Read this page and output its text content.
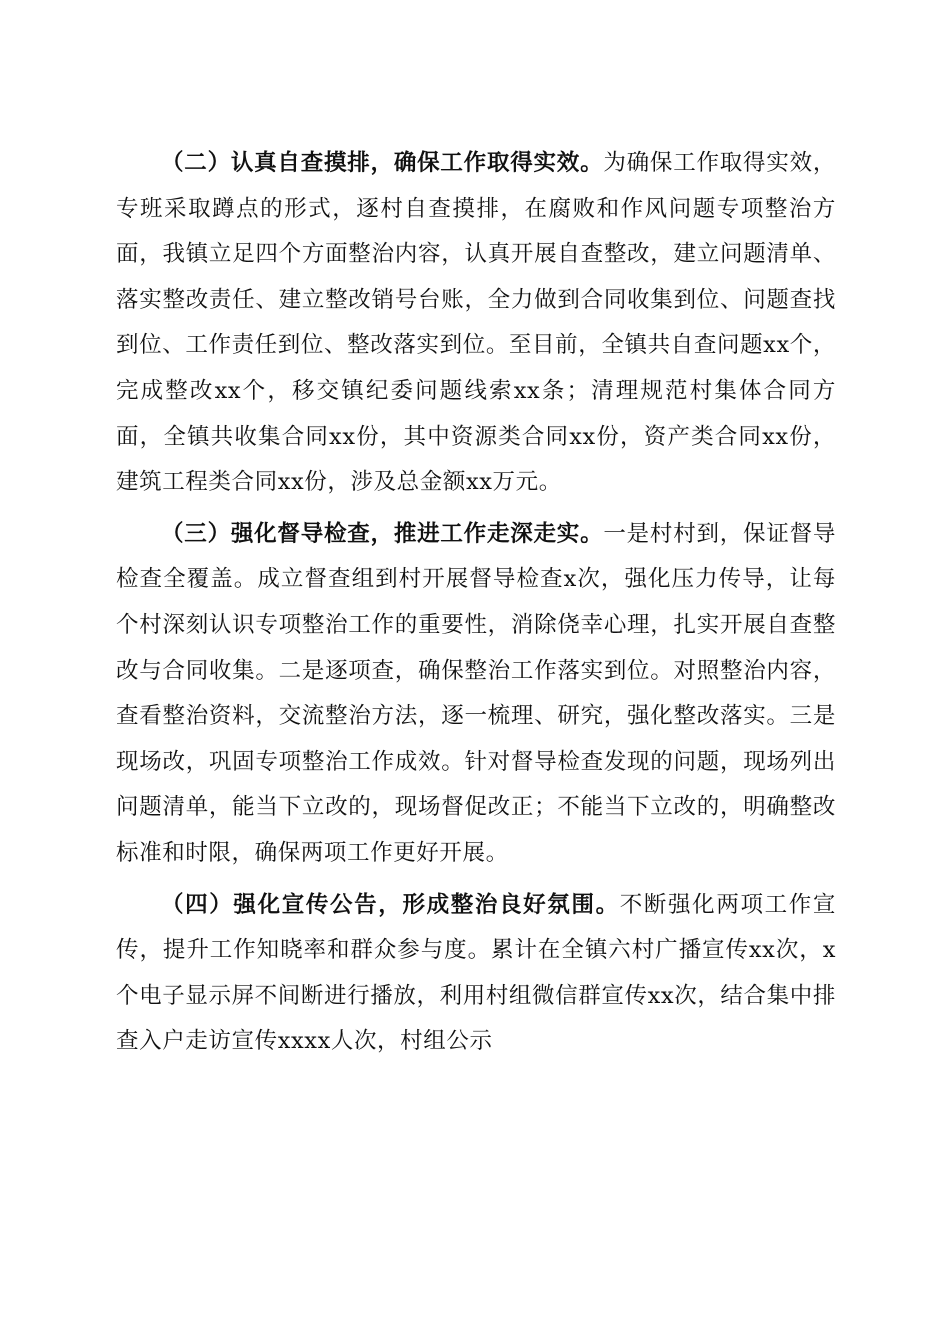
（二）认真自查摸排，确保工作取得实效。为确保工作取得实效，专班采取蹲点的形式，逐村自查摸排，在腐败和作风问题专项整治方面，我镇立足四个方面整治内容，认真开展自查整改，建立问题清单、落实整改责任、建立整改销号台账，全力做到合同收集到位、问题查找到位、工作责任到位、整改落实到位。至目前，全镇共自查问题xx个，完成整改xx个，移交镇纪委问题线索xx条；清理规范村集体合同方面，全镇共收集合同xx份，其中资源类合同xx份，资产类合同xx份，建筑工程类合同xx份，涉及总金额xx万元。

（三）强化督导检查，推进工作走深走实。一是村村到，保证督导检查全覆盖。成立督查组到村开展督导检查x次，强化压力传导，让每个村深刻认识专项整治工作的重要性，消除侥幸心理，扎实开展自查整改与合同收集。二是逐项查，确保整治工作落实到位。对照整治内容，查看整治资料，交流整治方法，逐一梳理、研究，强化整改落实。三是现场改，巩固专项整治工作成效。针对督导检查发现的问题，现场列出问题清单，能当下立改的，现场督促改正；不能当下立改的，明确整改标准和时限，确保两项工作更好开展。

（四）强化宣传公告，形成整治良好氛围。不断强化两项工作宣传，提升工作知晓率和群众参与度。累计在全镇六村广播宣传xx次，x个电子显示屏不间断进行播放，利用村组微信群宣传xx次，结合集中排查入户走访宣传xxxx人次，村组公示
